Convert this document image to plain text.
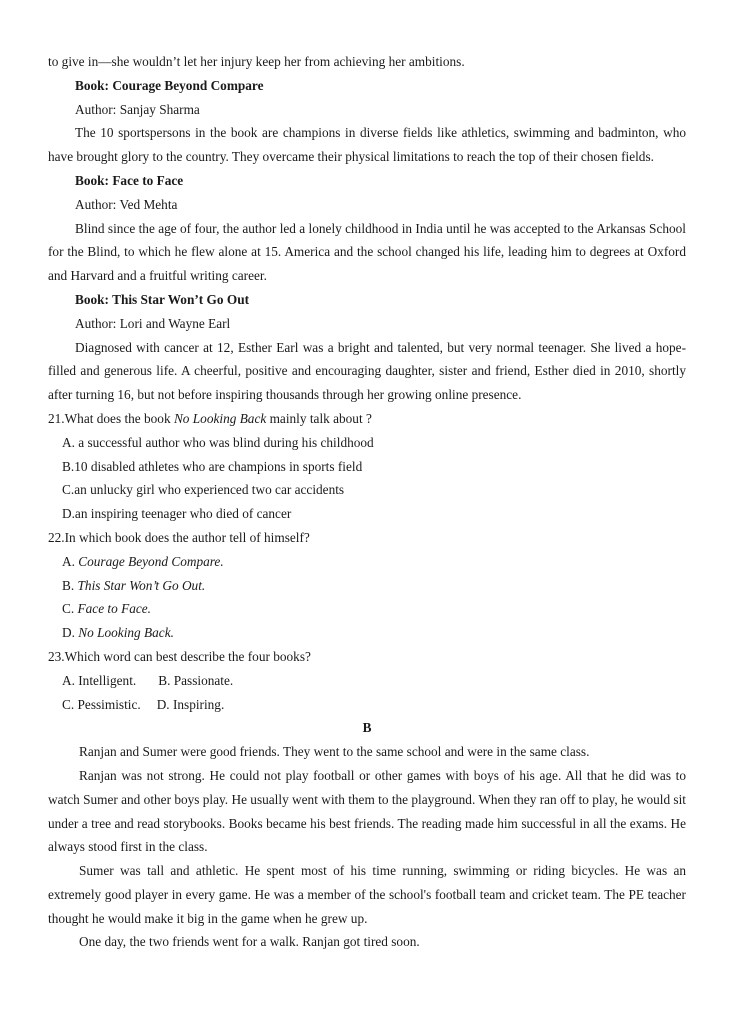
to give in—she wouldn’t let her injury keep her from achieving her ambitions.

Book: Courage Beyond Compare

Author: Sanjay Sharma

The 10 sportspersons in the book are champions in diverse fields like athletics, swimming and badminton, who have brought glory to the country. They overcame their physical limitations to reach the top of their chosen fields.

Book: Face to Face

Author: Ved Mehta

Blind since the age of four, the author led a lonely childhood in India until he was accepted to the Arkansas School for the Blind, to which he flew alone at 15. America and the school changed his life, leading him to degrees at Oxford and Harvard and a fruitful writing career.

Book: This Star Won’t Go Out

Author: Lori and Wayne Earl

Diagnosed with cancer at 12, Esther Earl was a bright and talented, but very normal teenager. She lived a hope-filled and generous life. A cheerful, positive and encouraging daughter, sister and friend, Esther died in 2010, shortly after turning 16, but not before inspiring thousands through her growing online presence.

21.What does the book No Looking Back mainly talk about ?

A. a successful author who was blind during his childhood

B.10 disabled athletes who are champions in sports field

C.an unlucky girl who experienced two car accidents

D.an inspiring teenager who died of cancer

22.In which book does the author tell of himself?

A. Courage Beyond Compare.

B. This Star Won’t Go Out.

C. Face to Face.

D. No Looking Back.

23.Which word can best describe the four books?

A. Intelligent. B. Passionate.

C. Pessimistic. D. Inspiring.

B

Ranjan and Sumer were good friends. They went to the same school and were in the same class.

Ranjan was not strong. He could not play football or other games with boys of his age. All that he did was to watch Sumer and other boys play. He usually went with them to the playground. When they ran off to play, he would sit under a tree and read storybooks. Books became his best friends. The reading made him successful in all the exams. He always stood first in the class.

Sumer was tall and athletic. He spent most of his time running, swimming or riding bicycles. He was an extremely good player in every game. He was a member of the school's football team and cricket team. The PE teacher thought he would make it big in the game when he grew up.

One day, the two friends went for a walk. Ranjan got tired soon.
